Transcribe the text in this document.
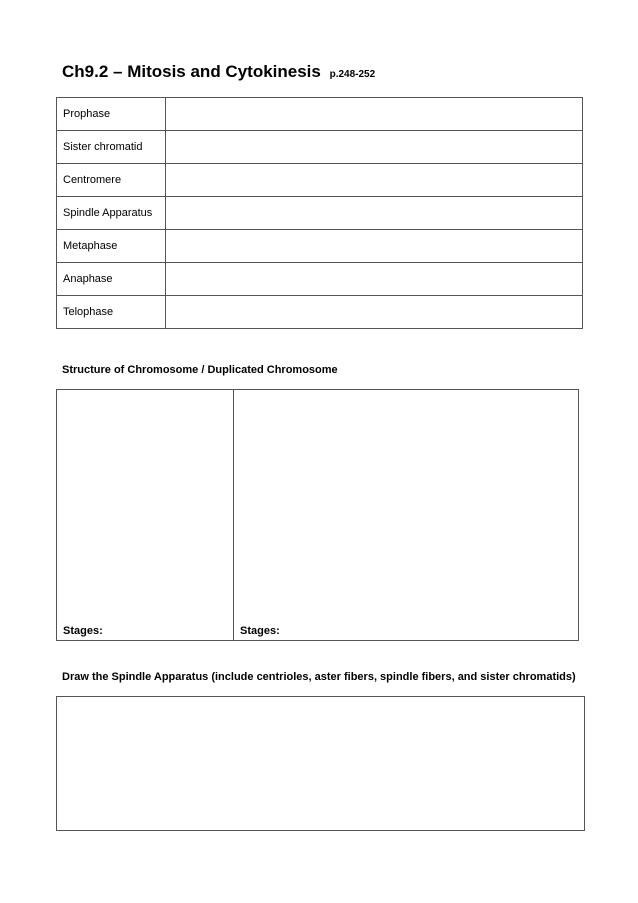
Ch9.2 – Mitosis and Cytokinesis p.248-252
Prophase	
Sister chromatid	
Centromere	
Spindle Apparatus	
Metaphase	
Anaphase	
Telophase	
Structure of Chromosome / Duplicated Chromosome
Stages:	Stages:
Draw the Spindle Apparatus (include centrioles, aster fibers, spindle fibers, and sister chromatids)
